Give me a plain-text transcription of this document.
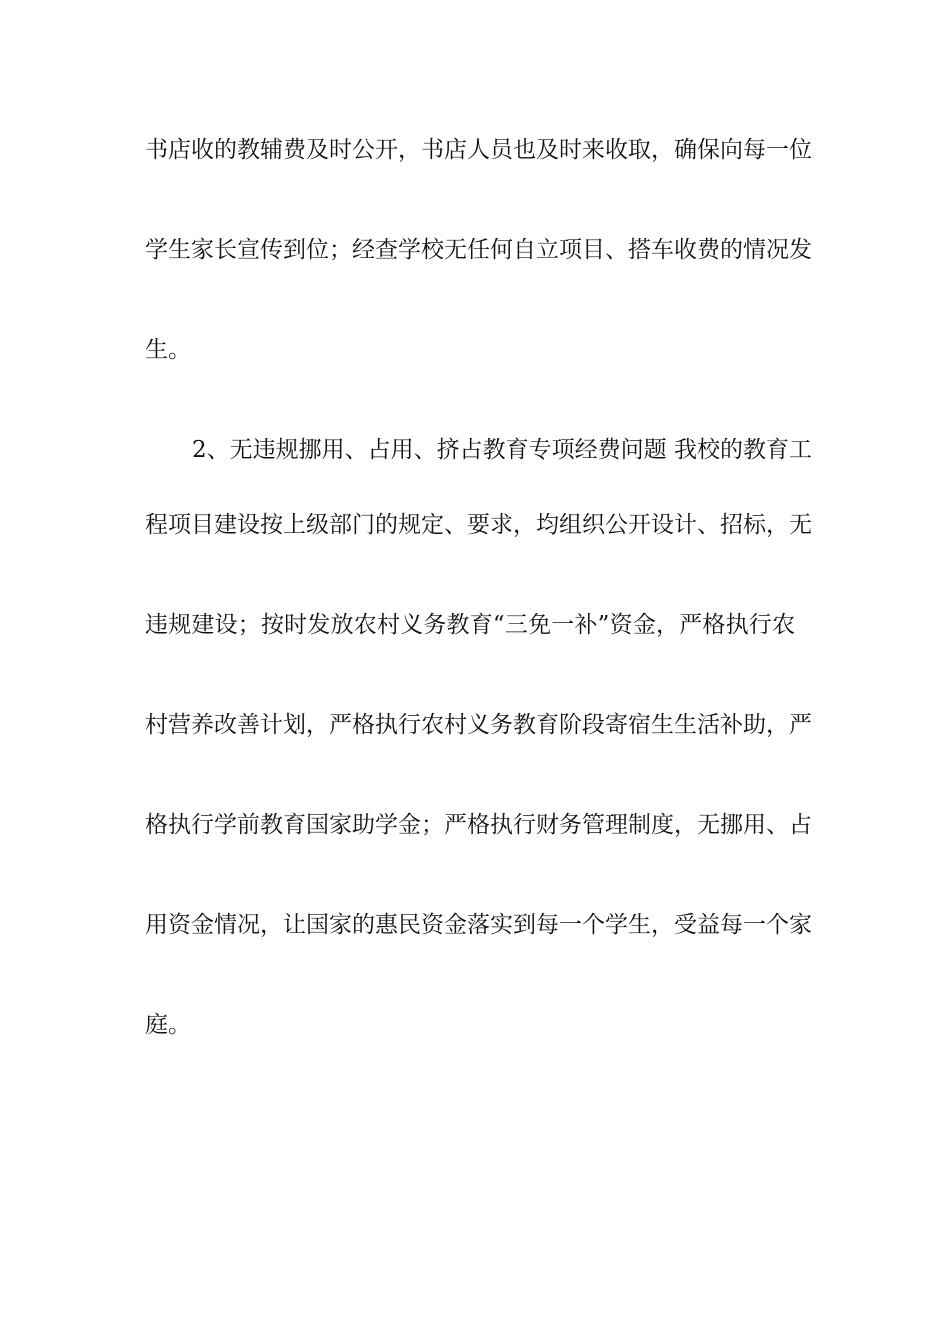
书店收的教辅费及时公开，书店人员也及时来收取，确保向每一位
学生家长宣传到位；经查学校无任何自立项目、搭车收费的情况发
生。
2、无违规挪用、占用、挤占教育专项经费问题 我校的教育工
程项目建设按上级部门的规定、要求，均组织公开设计、招标，无
违规建设；按时发放农村义务教育“三免一补”资金，严格执行农
村营养改善计划，严格执行农村义务教育阶段寄宿生生活补助，严
格执行学前教育国家助学金；严格执行财务管理制度，无挪用、占
用资金情况，让国家的惠民资金落实到每一个学生，受益每一个家
庭。
